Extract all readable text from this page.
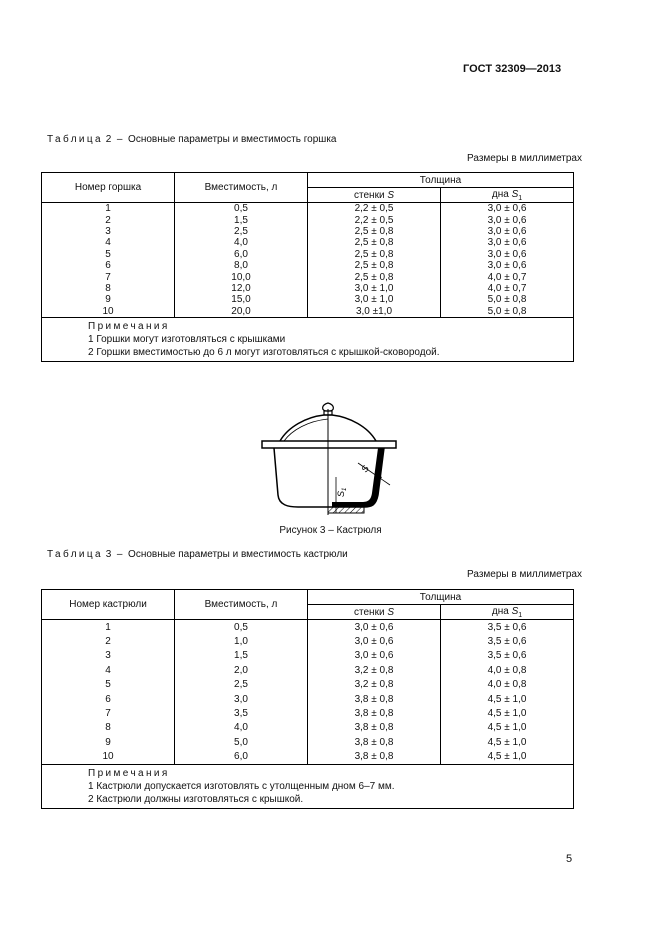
ГОСТ 32309—2013
Таблица 2 – Основные параметры и вместимость горшка
Размеры в миллиметрах
Номер горшка	Вместимость, л	Толщина	
		стенки S	дна $S_1$
1	0,5	2,2 ± 0,5	3,0 ± 0,6
2	1,5	2,2 ± 0,5	3,0 ± 0,6
3	2,5	2,5 ± 0,8	3,0 ± 0,6
4	4,0	2,5 ± 0,8	3,0 ± 0,6
5	6,0	2,5 ± 0,8	3,0 ± 0,6
6	8,0	2,5 ± 0,8	3,0 ± 0,6
7	10,0	2,5 ± 0,8	4,0 ± 0,7
8	12,0	3,0 ± 1,0	4,0 ± 0,7
9	15,0	3,0 ± 1,0	5,0 ± 0,8
10	20,0	3,0 ±1,0	5,0 ± 0,8

Примечания
1 Горшки могут изготовляться с крышками
2 Горшки вместимостью до 6 л могут изготовляться с крышкой-сковородой.			
S
$S_1$
Рисунок 3 – Кастрюля
Таблица 3 – Основные параметры и вместимость кастрюли
Размеры в миллиметрах
Номер кастрюли	Вместимость, л	Толщина	
		стенки S	дна $S_1$
1	0,5	3,0 ± 0,6	3,5 ± 0,6
2	1,0	3,0 ± 0,6	3,5 ± 0,6
3	1,5	3,0 ± 0,6	3,5 ± 0,6
4	2,0	3,2 ± 0,8	4,0 ± 0,8
5	2,5	3,2 ± 0,8	4,0 ± 0,8
6	3,0	3,8 ± 0,8	4,5 ± 1,0
7	3,5	3,8 ± 0,8	4,5 ± 1,0
8	4,0	3,8 ± 0,8	4,5 ± 1,0
9	5,0	3,8 ± 0,8	4,5 ± 1,0
10	6,0	3,8 ± 0,8	4,5 ± 1,0

Примечания
1 Кастрюли допускается изготовлять с утолщенным дном 6–7 мм.
2 Кастрюли должны изготовляться с крышкой.			
5
